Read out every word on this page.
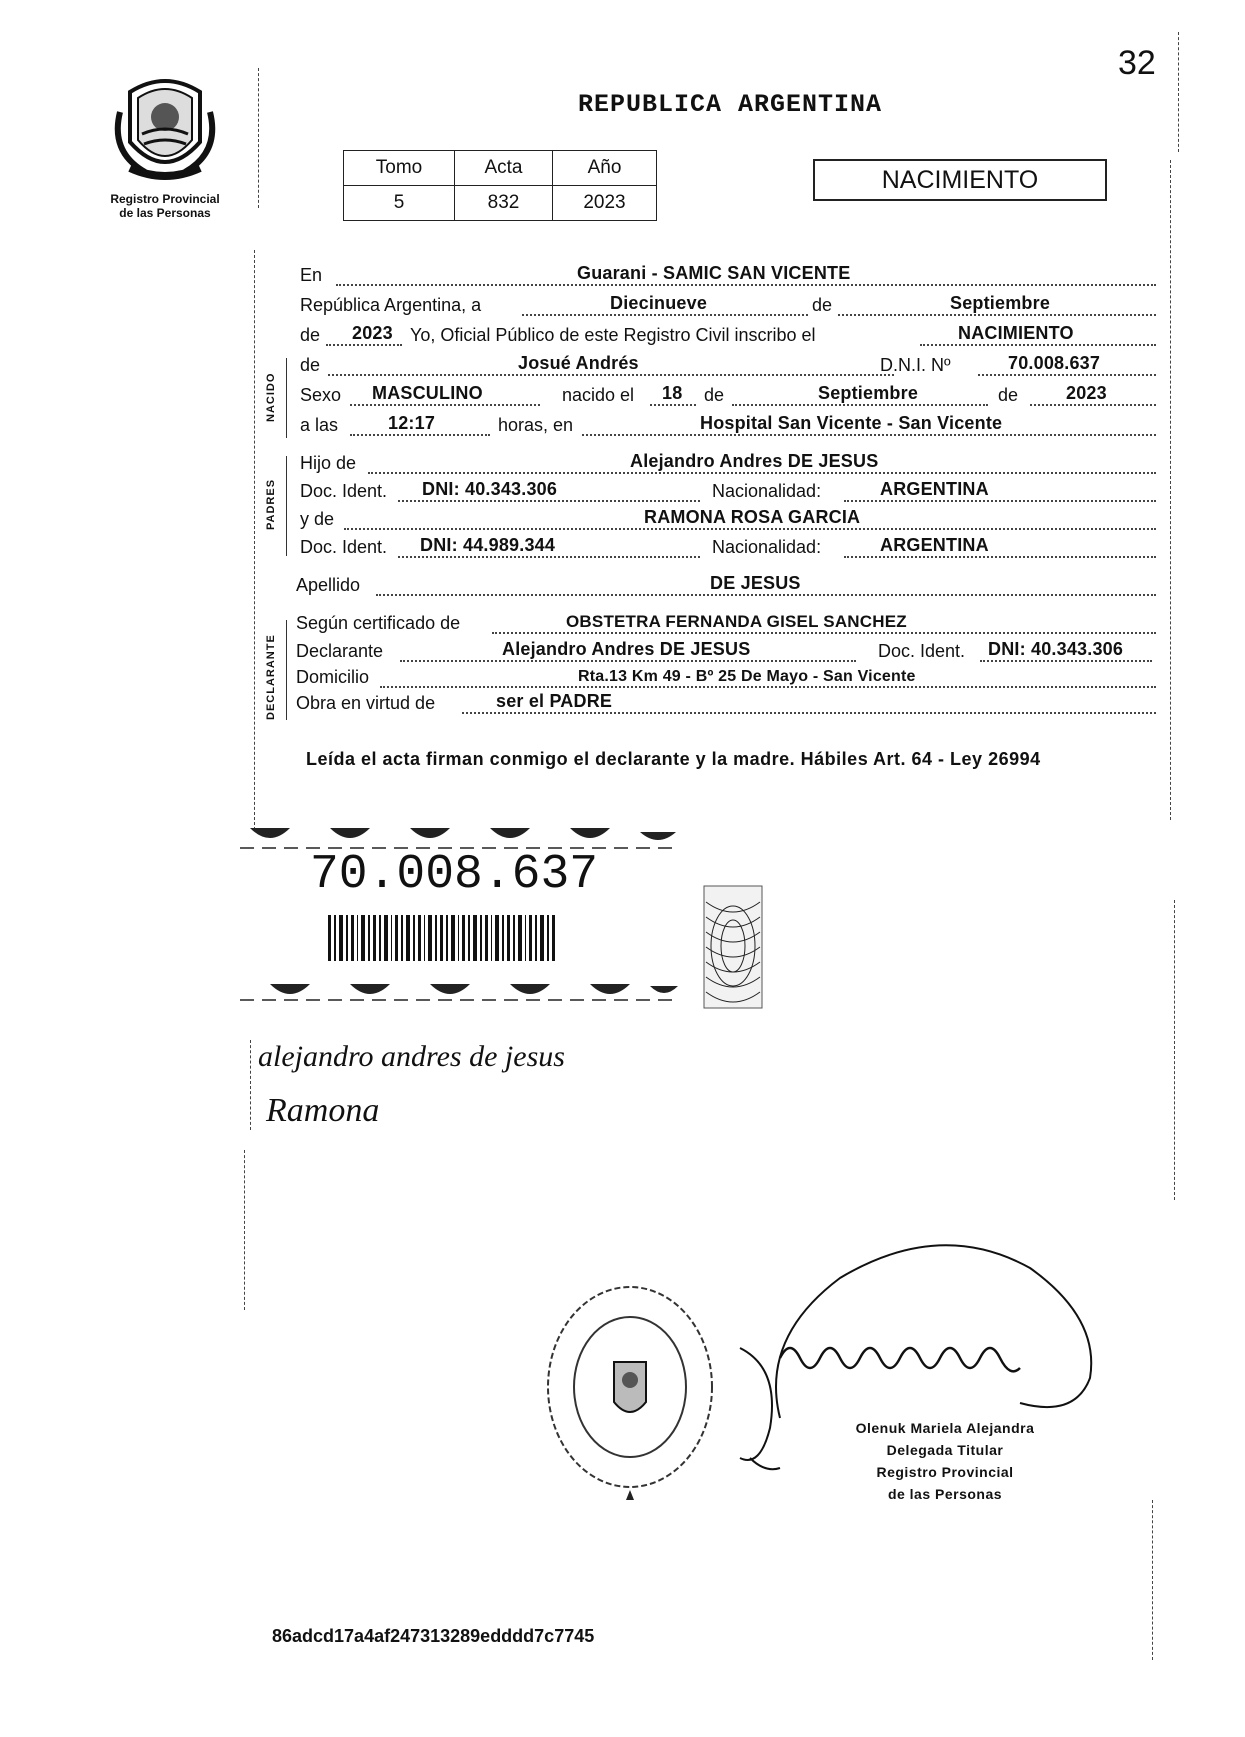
32
Registro Provincial
de las Personas
REPUBLICA ARGENTINA
Tomo	Acta	Año
5	832	2023
NACIMIENTO
NACIDO
PADRES
DECLARANTE
En	Guarani - SAMIC SAN VICENTE
República Argentina, a	Diecinueve	de	Septiembre
de 2023 Yo, Oficial Público de este Registro Civil inscribo el	NACIMIENTO
de	Josué Andrés	D.N.I. Nº	70.008.637
Sexo MASCULINO	nacido el 18 de	Septiembre	de	2023
a las	12:17	horas, en	Hospital San Vicente - San Vicente
Hijo de	Alejandro Andres DE JESUS
Doc. Ident. DNI: 40.343.306	Nacionalidad:	ARGENTINA
y de	RAMONA ROSA GARCIA
Doc. Ident. DNI: 44.989.344	Nacionalidad:	ARGENTINA
Apellido	DE JESUS
Según certificado de	OBSTETRA FERNANDA GISEL SANCHEZ
Declarante	Alejandro Andres DE JESUS	Doc. Ident. DNI: 40.343.306
Domicilio	Rta.13 Km 49 - Bº 25 De Mayo - San Vicente
Obra en virtud de	ser el PADRE
Leída el acta firman conmigo el declarante y la madre. Hábiles Art. 64 - Ley 26994
70.008.637
alejandro andres de jesus
Ramona
Olenuk Mariela Alejandra
Delegada Titular
Registro Provincial
de las Personas
86adcd17a4af247313289edddd7c7745
